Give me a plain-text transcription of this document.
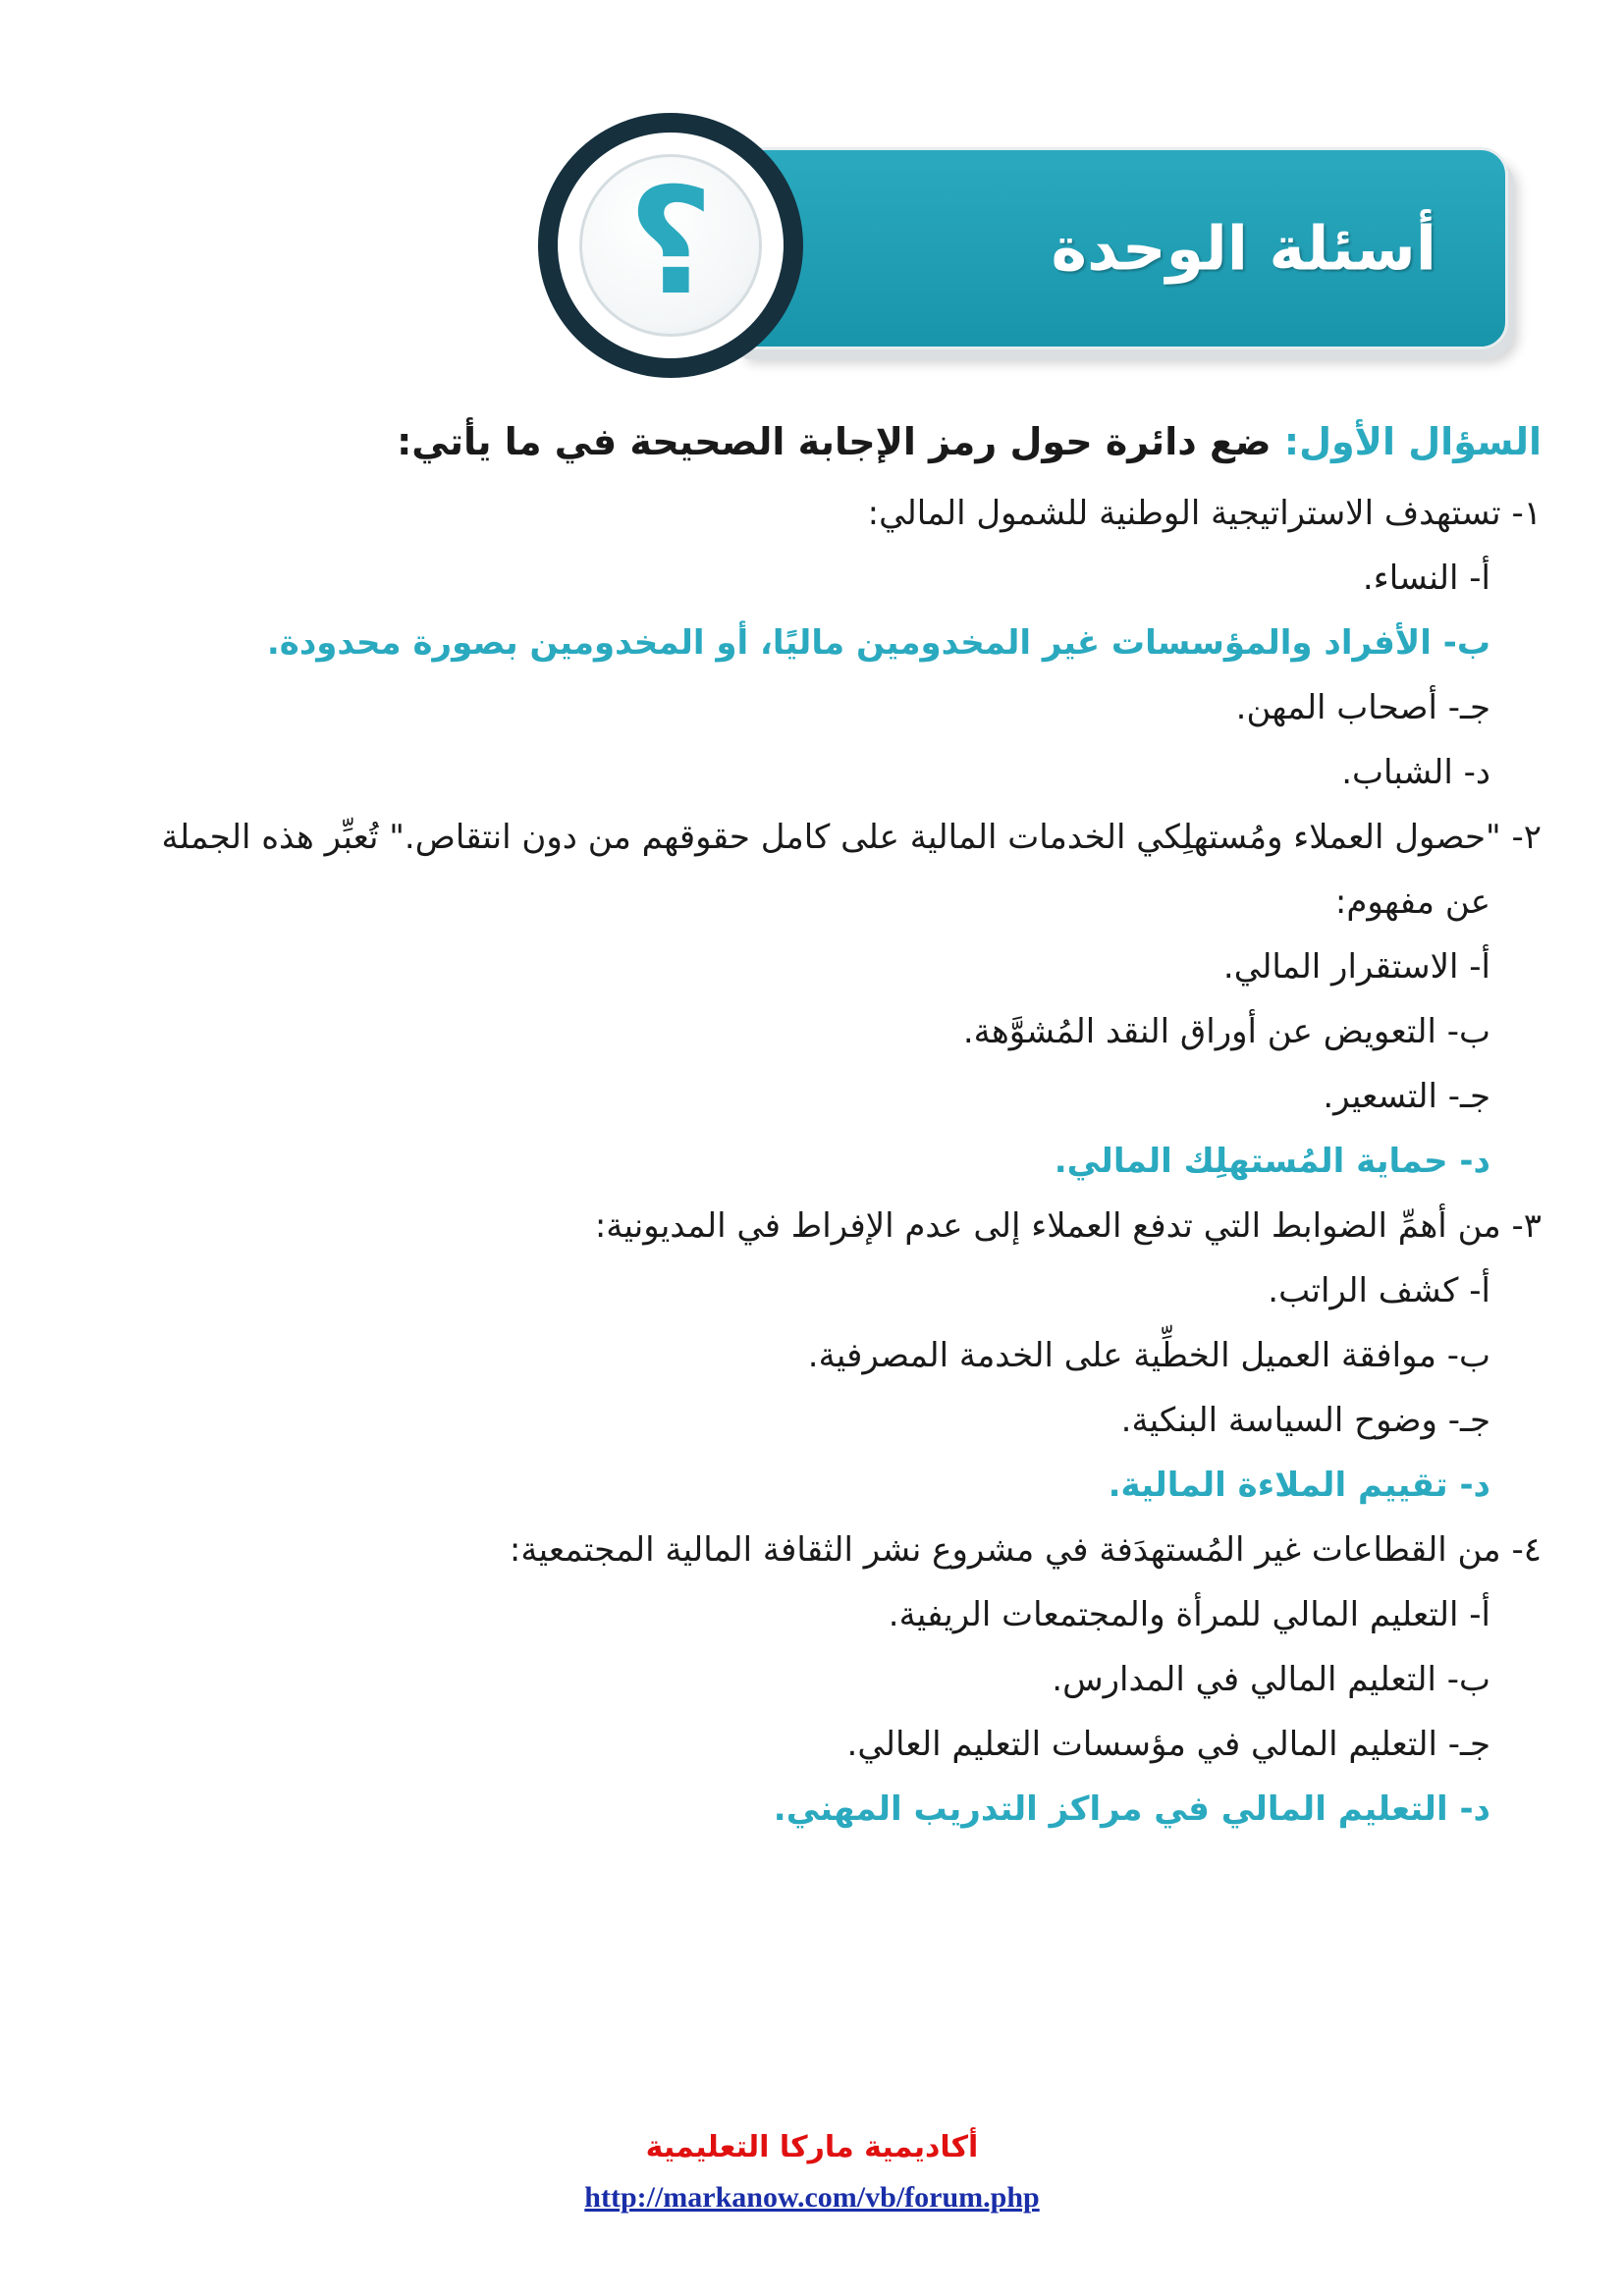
أسئلة الوحدة
؟
السؤال الأول: ضع دائرة حول رمز الإجابة الصحيحة في ما يأتي:
١- تستهدف الاستراتيجية الوطنية للشمول المالي:
أ- النساء.
ب- الأفراد والمؤسسات غير المخدومين ماليًا، أو المخدومين بصورة محدودة.
جـ- أصحاب المهن.
د- الشباب.
٢- "حصول العملاء ومُستهلِكي الخدمات المالية على كامل حقوقهم من دون انتقاص." تُعبِّر هذه الجملة
عن مفهوم:
أ- الاستقرار المالي.
ب- التعويض عن أوراق النقد المُشوَّهة.
جـ- التسعير.
د- حماية المُستهلِك المالي.
٣- من أهمِّ الضوابط التي تدفع العملاء إلى عدم الإفراط في المديونية:
أ- كشف الراتب.
ب- موافقة العميل الخطِّية على الخدمة المصرفية.
جـ- وضوح السياسة البنكية.
د- تقييم الملاءة المالية.
٤- من القطاعات غير المُستهدَفة في مشروع نشر الثقافة المالية المجتمعية:
أ- التعليم المالي للمرأة والمجتمعات الريفية.
ب- التعليم المالي في المدارس.
جـ- التعليم المالي في مؤسسات التعليم العالي.
د- التعليم المالي في مراكز التدريب المهني.
أكاديمية ماركا التعليمية
http://markanow.com/vb/forum.php
